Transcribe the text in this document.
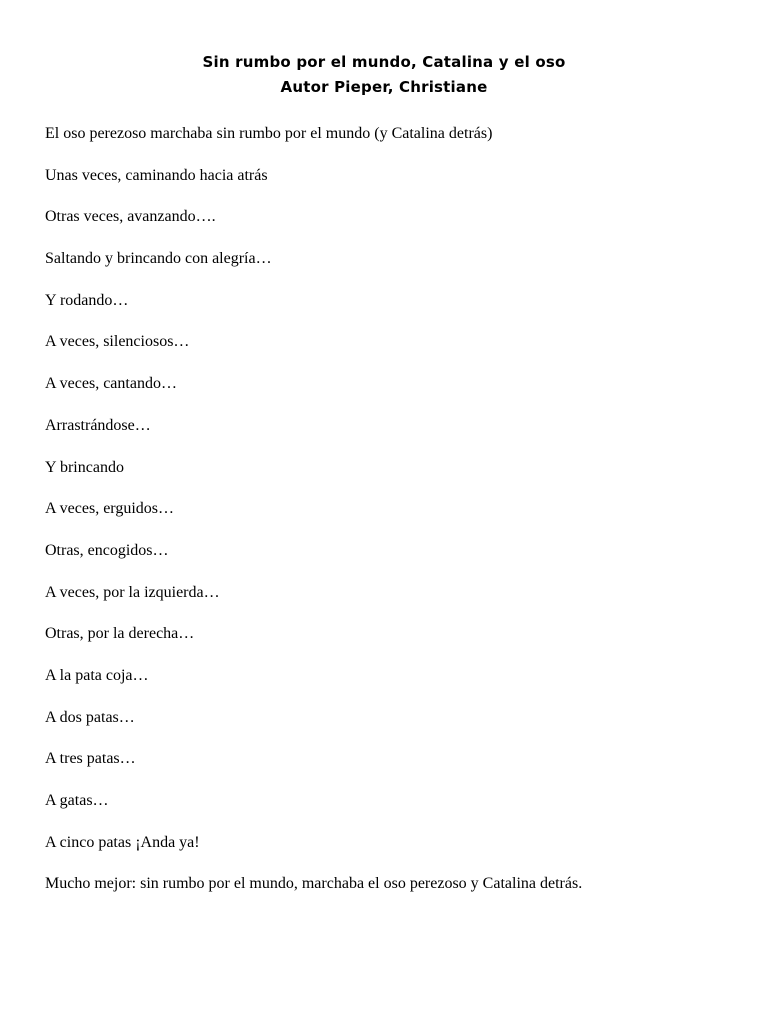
Sin rumbo por el mundo, Catalina y el oso
Autor Pieper, Christiane
El oso perezoso marchaba sin rumbo por el mundo (y Catalina detrás)
Unas veces, caminando hacia atrás
Otras veces, avanzando….
Saltando y brincando con alegría…
Y rodando…
A veces, silenciosos…
A veces, cantando…
Arrastrándose…
Y brincando
A veces, erguidos…
Otras, encogidos…
A veces, por la izquierda…
Otras, por la derecha…
A la pata coja…
A dos patas…
A tres patas…
A gatas…
A cinco patas ¡Anda ya!
Mucho mejor: sin rumbo por el mundo, marchaba el oso perezoso y Catalina detrás.
